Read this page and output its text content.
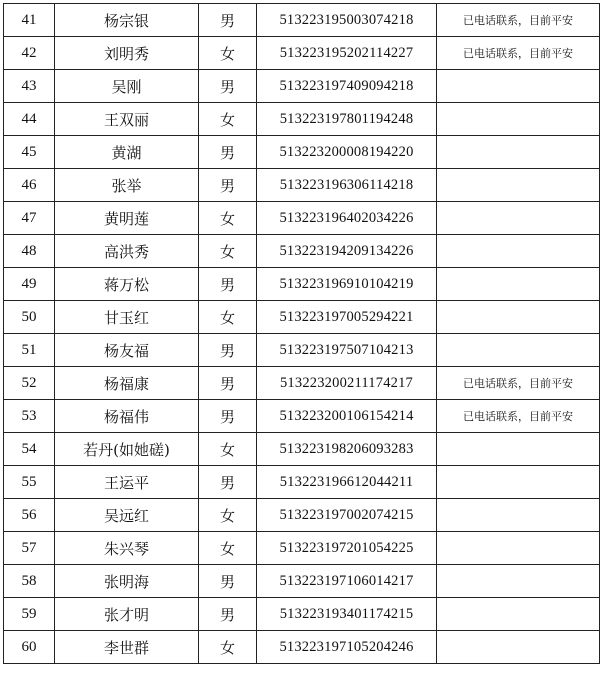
41	杨宗银	男	513223195003074218	已电话联系，目前平安
42	刘明秀	女	513223195202114227	已电话联系，目前平安
43	吴刚	男	513223197409094218	
44	王双丽	女	513223197801194248	
45	黄湖	男	513223200008194220	
46	张举	男	513223196306114218	
47	黄明莲	女	513223196402034226	
48	高洪秀	女	513223194209134226	
49	蒋万松	男	513223196910104219	
50	甘玉红	女	513223197005294221	
51	杨友福	男	513223197507104213	
52	杨福康	男	513223200211174217	已电话联系，目前平安
53	杨福伟	男	513223200106154214	已电话联系，目前平安
54	若丹(如她磋)	女	513223198206093283	
55	王运平	男	513223196612044211	
56	吴远红	女	513223197002074215	
57	朱兴琴	女	513223197201054225	
58	张明海	男	513223197106014217	
59	张才明	男	513223193401174215	
60	李世群	女	513223197105204246	
